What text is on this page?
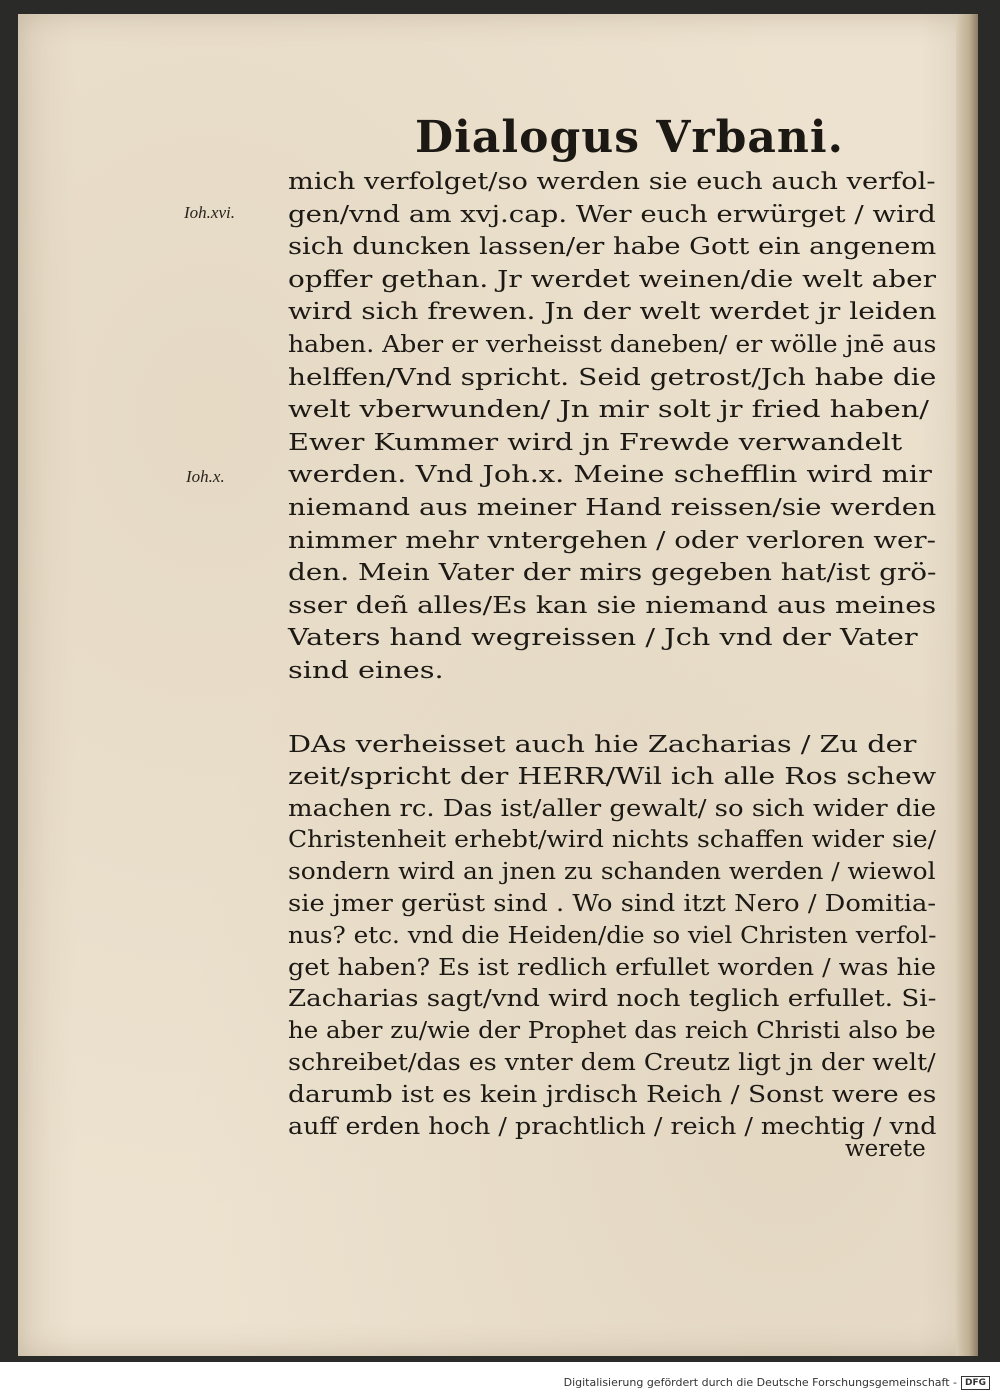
Dialogus Vrbani.
Ioh.xvi.
Ioh.x.
mich verfolget/so werden sie euch auch verfol-
gen/vnd am xvj.cap. Wer euch erwürget / wird
sich duncken lassen/er habe Gott ein angenem
opffer gethan. Jr werdet weinen/die welt aber
wird sich frewen. Jn der welt werdet jr leiden
haben. Aber er verheisst daneben/ er wölle jnē aus
helffen/Vnd spricht. Seid getrost/Jch habe die
welt vberwunden/ Jn mir solt jr fried haben/
Ewer Kummer wird jn Frewde verwandelt
werden. Vnd Joh.x. Meine schefflin wird mir
niemand aus meiner Hand reissen/sie werden
nimmer mehr vntergehen / oder verloren wer-
den. Mein Vater der mirs gegeben hat/ist grö-
sser deñ alles/Es kan sie niemand aus meines
Vaters hand wegreissen / Jch vnd der Vater
sind eines.
DAs verheisset auch hie Zacharias / Zu der
zeit/spricht der HERR/Wil ich alle Ros schew
machen rc. Das ist/aller gewalt/ so sich wider die
Christenheit erhebt/wird nichts schaffen wider sie/
sondern wird an jnen zu schanden werden / wiewol
sie jmer gerüst sind . Wo sind itzt Nero / Domitia-
nus? etc. vnd die Heiden/die so viel Christen verfol-
get haben? Es ist redlich erfullet worden / was hie
Zacharias sagt/vnd wird noch teglich erfullet. Si-
he aber zu/wie der Prophet das reich Christi also be
schreibet/das es vnter dem Creutz ligt jn der welt/
darumb ist es kein jrdisch Reich / Sonst were es
auff erden hoch / prachtlich / reich / mechtig / vnd
werete
Digitalisierung gefördert durch die Deutsche Forschungsgemeinschaft - DFG
